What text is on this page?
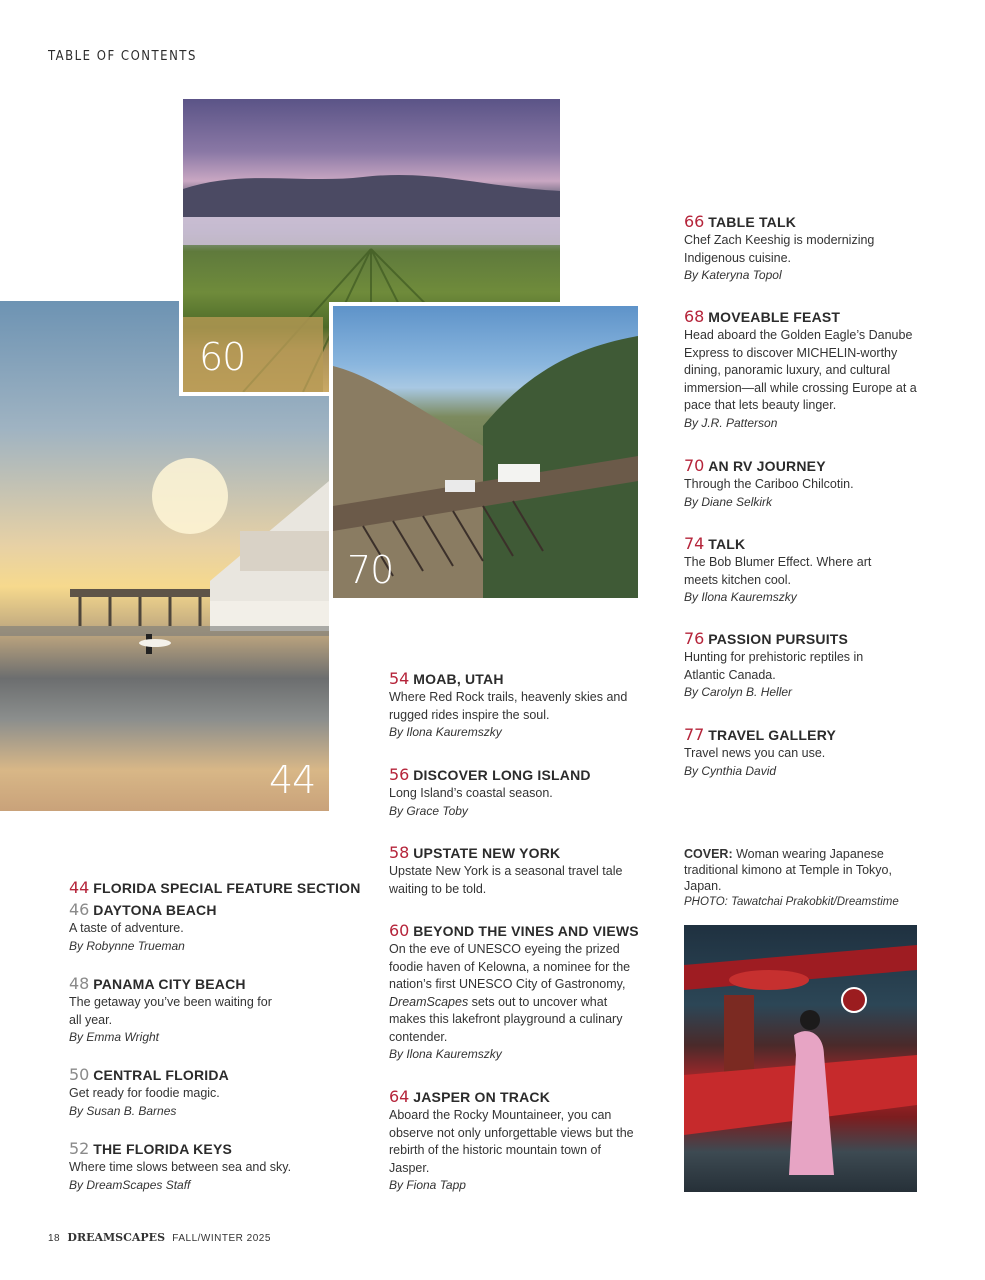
TABLE OF CONTENTS
44
60
70
44 FLORIDA SPECIAL FEATURE SECTION
46 DAYTONA BEACH
A taste of adventure.
By Robynne Trueman
48 PANAMA CITY BEACH
The getaway you’ve been waiting for all year.
By Emma Wright
50 CENTRAL FLORIDA
Get ready for foodie magic.
By Susan B. Barnes
52 THE FLORIDA KEYS
Where time slows between sea and sky.
By DreamScapes Staff
54 MOAB, UTAH
Where Red Rock trails, heavenly skies and rugged rides inspire the soul.
By Ilona Kauremszky
56 DISCOVER LONG ISLAND
Long Island’s coastal season.
By Grace Toby
58 UPSTATE NEW YORK
Upstate New York is a seasonal travel tale waiting to be told.
60 BEYOND THE VINES AND VIEWS
On the eve of UNESCO eyeing the prized foodie haven of Kelowna, a nominee for the nation’s first UNESCO City of Gastronomy, DreamScapes sets out to uncover what makes this lakefront playground a culinary contender.
By Ilona Kauremszky
64 JASPER ON TRACK
Aboard the Rocky Mountaineer, you can observe not only unforgettable views but the rebirth of the historic mountain town of Jasper.
By Fiona Tapp
66 TABLE TALK
Chef Zach Keeshig is modernizing Indigenous cuisine.
By Kateryna Topol
68 MOVEABLE FEAST
Head aboard the Golden Eagle’s Danube Express to discover MICHELIN-worthy dining, panoramic luxury, and cultural immersion—all while crossing Europe at a pace that lets beauty linger.
By J.R. Patterson
70 AN RV JOURNEY
Through the Cariboo Chilcotin.
By Diane Selkirk
74 TALK
The Bob Blumer Effect. Where art meets kitchen cool.
By Ilona Kauremszky
76 PASSION PURSUITS
Hunting for prehistoric reptiles in Atlantic Canada.
By Carolyn B. Heller
77 TRAVEL GALLERY
Travel news you can use.
By Cynthia David
COVER: Woman wearing Japanese traditional kimono at Temple in Tokyo, Japan.
PHOTO: Tawatchai Prakobkit/Dreamstime
18 DREAMSCAPES FALL/WINTER 2025
